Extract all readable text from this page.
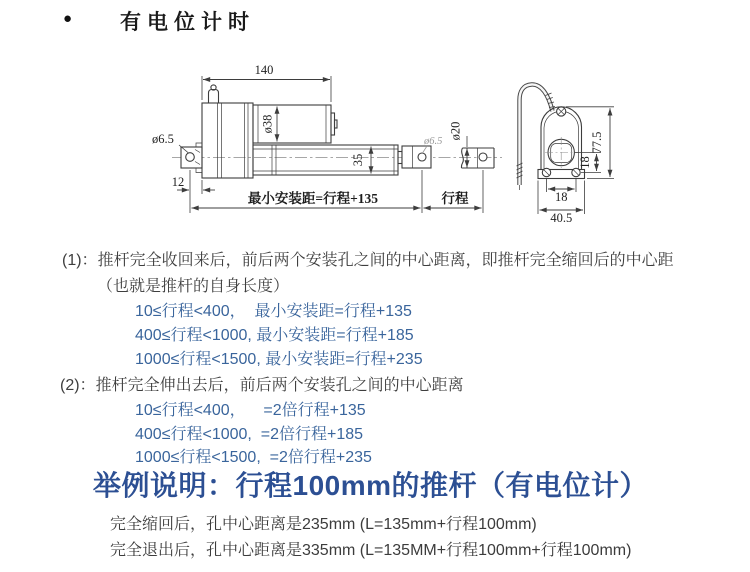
● 有电位计时
ø38
35
ø6.5
ø20
140
ø6.5
12
最小安装距=行程+135	行程
77.5
18
18
40.5
(1)：推杆完全收回来后，前后两个安装孔之间的中心距离，即推杆完全缩回后的中心距
（也就是推杆的自身长度）
10≤行程<400，  最小安装距=行程+135
400≤行程<1000, 最小安装距=行程+185
1000≤行程<1500, 最小安装距=行程+235
(2)：推杆完全伸出去后，前后两个安装孔之间的中心距离
10≤行程<400，    =2倍行程+135
400≤行程<1000,  =2倍行程+185
1000≤行程<1500,  =2倍行程+235
举例说明：行程100mm的推杆（有电位计）
完全缩回后，孔中心距离是235mm (L=135mm+行程100mm)
完全退出后，孔中心距离是335mm (L=135MM+行程100mm+行程100mm)
